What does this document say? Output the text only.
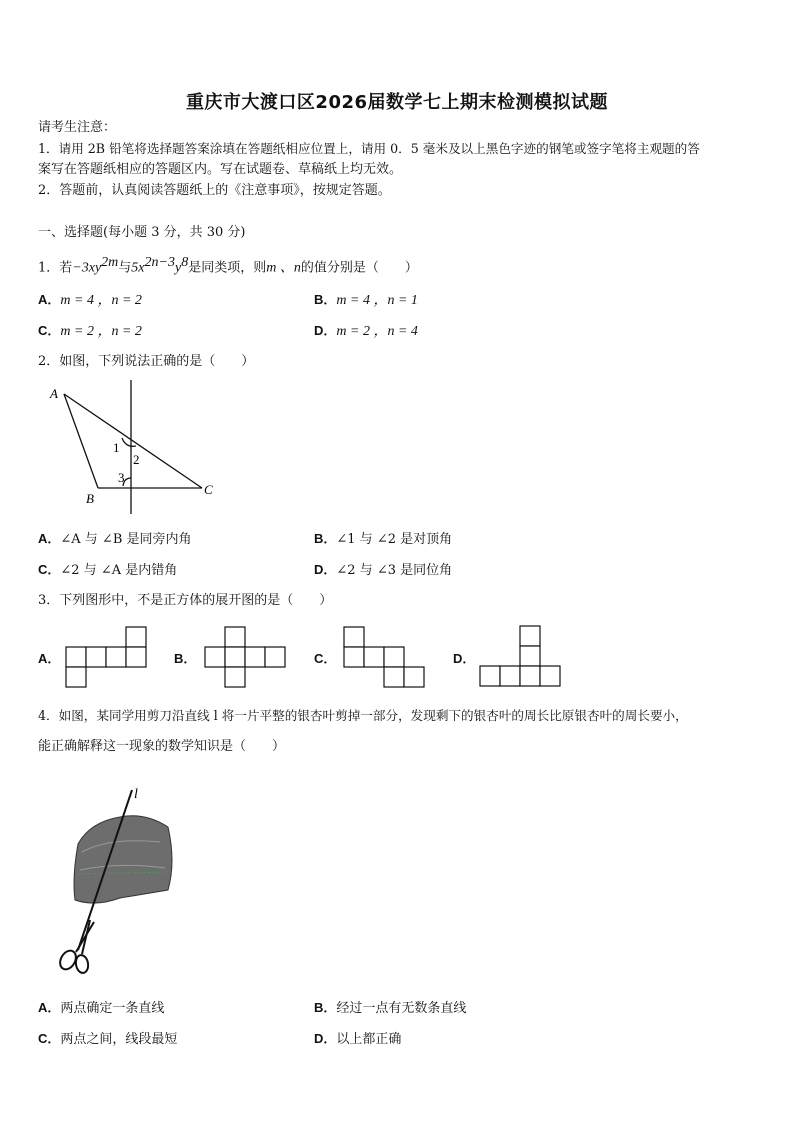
重庆市大渡口区2026届数学七上期末检测模拟试题
请考生注意：
1．请用 2B 铅笔将选择题答案涂填在答题纸相应位置上，请用 0．5 毫米及以上黑色字迹的钢笔或签字笔将主观题的答
案写在答题纸相应的答题区内。写在试题卷、草稿纸上均无效。
2．答题前，认真阅读答题纸上的《注意事项》，按规定答题。
一、选择题(每小题 3 分，共 30 分)
1．若$-3xy^{2m}$与$5x^{2n-3}y^8$是同类项，则m 、n的值分别是（　　）
A．m = 4 ，n = 2	B．m = 4 ，n = 1
C．m = 2 ，n = 2	D．m = 2 ，n = 4
2．如图，下列说法正确的是（　　）
A
B
C
1
2
3
A．∠A 与 ∠B 是同旁内角	B．∠1 与 ∠2 是对顶角
C．∠2 与 ∠A 是内错角	D．∠2 与 ∠3 是同位角
3．下列图形中，不是正方体的展开图的是（　　）
A．	B．	C．	D．
4．如图，某同学用剪刀沿直线 l 将一片平整的银杏叶剪掉一部分，发现剩下的银杏叶的周长比原银杏叶的周长要小，
能正确解释这一现象的数学知识是（　　）
l
A．两点确定一条直线	B．经过一点有无数条直线
C．两点之间，线段最短	D．以上都正确
